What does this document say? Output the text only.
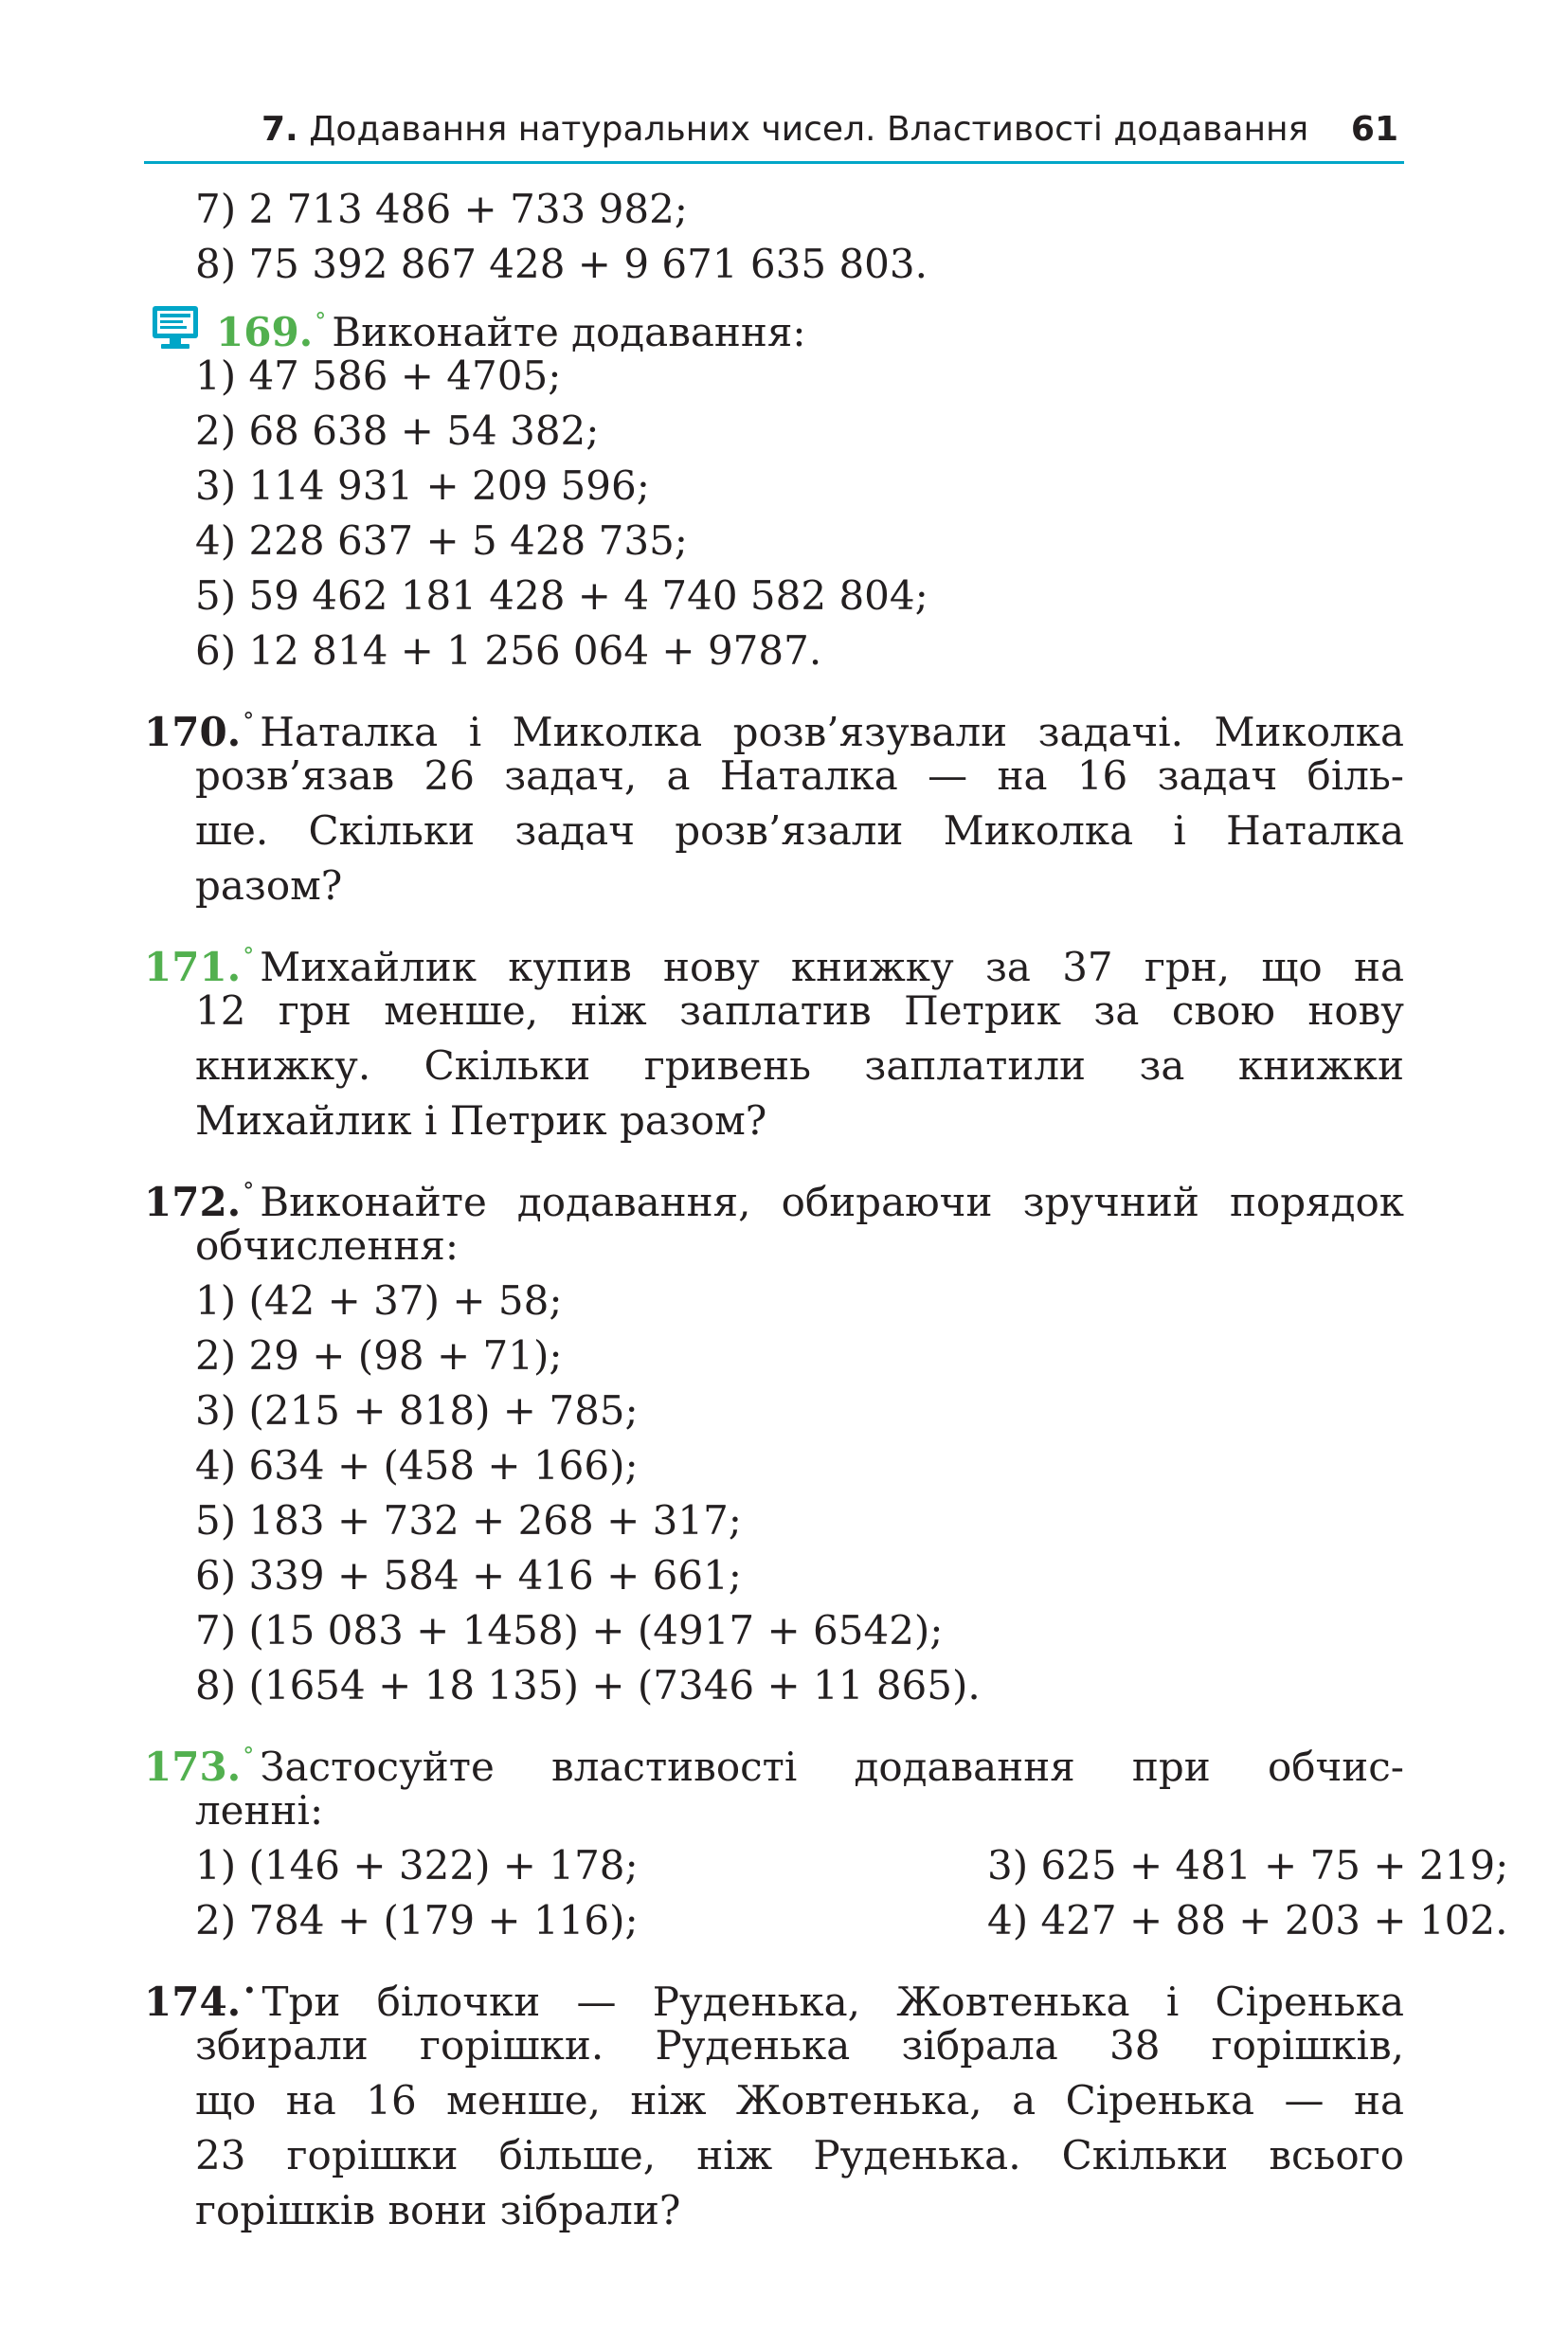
7. Додавання натуральних чисел. Властивості додавання 61
7) 2 713 486 + 733 982;
8) 75 392 867 428 + 9 671 635 803.
169.° Виконайте додавання:
1) 47 586 + 4705;
2) 68 638 + 54 382;
3) 114 931 + 209 596;
4) 228 637 + 5 428 735;
5) 59 462 181 428 + 4 740 582 804;
6) 12 814 + 1 256 064 + 9787.
170.° Наталка і Миколка розв’язували задачі. Миколка
розв’язав 26 задач, а Наталка — на 16 задач біль-
ше. Скільки задач розв’язали Миколка і Наталка
разом?
171.° Михайлик купив нову книжку за 37 грн, що на
12 грн менше, ніж заплатив Петрик за свою нову
книжку. Скільки гривень заплатили за книжки
Михайлик і Петрик разом?
172.° Виконайте додавання, обираючи зручний порядок
обчислення:
1) (42 + 37) + 58;
2) 29 + (98 + 71);
3) (215 + 818) + 785;
4) 634 + (458 + 166);
5) 183 + 732 + 268 + 317;
6) 339 + 584 + 416 + 661;
7) (15 083 + 1458) + (4917 + 6542);
8) (1654 + 18 135) + (7346 + 11 865).
173.° Застосуйте властивості додавання при обчис-
ленні:
1) (146 + 322) + 178;	3) 625 + 481 + 75 + 219;
2) 784 + (179 + 116);	4) 427 + 88 + 203 + 102.
174.• Три білочки — Руденька, Жовтенька і Сіренька
збирали горішки. Руденька зібрала 38 горішків,
що на 16 менше, ніж Жовтенька, а Сіренька — на
23 горішки більше, ніж Руденька. Скільки всього
горішків вони зібрали?
